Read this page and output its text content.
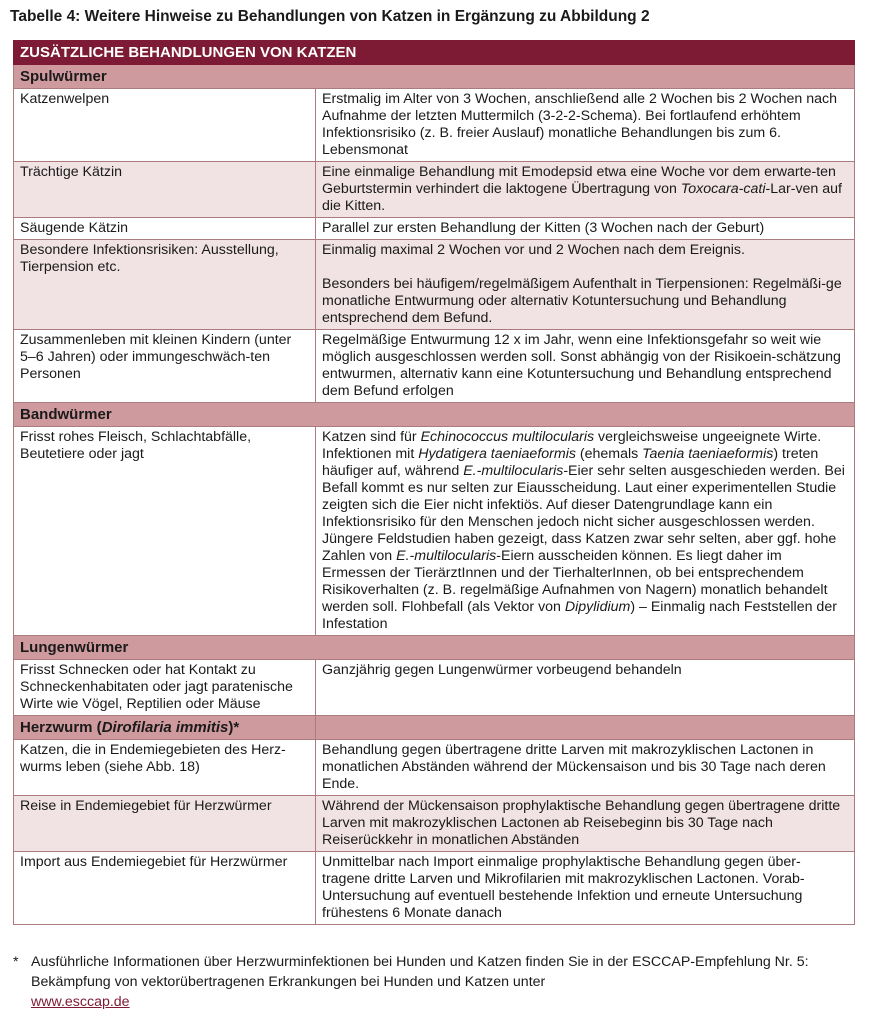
Tabelle 4: Weitere Hinweise zu Behandlungen von Katzen in Ergänzung zu Abbildung 2
ZUSÄTZLICHE BEHANDLUNGEN VON KATZEN	
Spulwürmer	
Katzenwelpen	Erstmalig im Alter von 3 Wochen, anschließend alle 2 Wochen bis 2 Wochen nach Aufnahme der letzten Muttermilch (3-2-2-Schema). Bei fortlaufend erhöhtem Infektionsrisiko (z. B. freier Auslauf) monatliche Behandlungen bis zum 6. Lebensmonat
Trächtige Kätzin	Eine einmalige Behandlung mit Emodepsid etwa eine Woche vor dem erwarte-ten Geburtstermin verhindert die laktogene Übertragung von Toxocara-cati-Lar-ven auf die Kitten.
Säugende Kätzin	Parallel zur ersten Behandlung der Kitten (3 Wochen nach der Geburt)
Besondere Infektionsrisiken: Ausstellung, Tierpension etc.	Einmalig maximal 2 Wochen vor und 2 Wochen nach dem Ereignis.
Besonders bei häufigem/regelmäßigem Aufenthalt in Tierpensionen: Regelmäßi-ge monatliche Entwurmung oder alternativ Kotuntersuchung und Behandlung entsprechend dem Befund.

Zusammenleben mit kleinen Kindern (unter 5–6 Jahren) oder immungeschwäch-ten Personen	Regelmäßige Entwurmung 12 x im Jahr, wenn eine Infektionsgefahr so weit wie möglich ausgeschlossen werden soll. Sonst abhängig von der Risikoein-schätzung entwurmen, alternativ kann eine Kotuntersuchung und Behandlung entsprechend dem Befund erfolgen
Bandwürmer	
Frisst rohes Fleisch, Schlachtabfälle, Beutetiere oder jagt	Katzen sind für Echinococcus multilocularis vergleichsweise ungeeignete Wirte. Infektionen mit Hydatigera taeniaeformis (ehemals Taenia taeniaeformis) treten häufiger auf, während E.-multilocularis-Eier sehr selten ausgeschieden werden. Bei Befall kommt es nur selten zur Eiausscheidung. Laut einer experimentellen Studie zeigten sich die Eier nicht infektiös. Auf dieser Datengrundlage kann ein Infektionsrisiko für den Menschen jedoch nicht sicher ausgeschlossen werden. Jüngere Feldstudien haben gezeigt, dass Katzen zwar sehr selten, aber ggf. hohe Zahlen von E.-multilocularis-Eiern ausscheiden können. Es liegt daher im Ermessen der TierärztInnen und der TierhalterInnen, ob bei entsprechendem Risikoverhalten (z. B. regelmäßige Aufnahmen von Nagern) monatlich behandelt werden soll. Flohbefall (als Vektor von Dipylidium) – Einmalig nach Feststellen der Infestation
Lungenwürmer	
Frisst Schnecken oder hat Kontakt zu Schneckenhabitaten oder jagt paratenische Wirte wie Vögel, Reptilien oder Mäuse	Ganzjährig gegen Lungenwürmer vorbeugend behandeln
Herzwurm (Dirofilaria immitis)*	
Katzen, die in Endemiegebieten des Herz-wurms leben (siehe Abb. 18)	Behandlung gegen übertragene dritte Larven mit makrozyklischen Lactonen in monatlichen Abständen während der Mückensaison und bis 30 Tage nach deren Ende.
Reise in Endemiegebiet für Herzwürmer	Während der Mückensaison prophylaktische Behandlung gegen übertragene dritte Larven mit makrozyklischen Lactonen ab Reisebeginn bis 30 Tage nach Reiserückkehr in monatlichen Abständen
Import aus Endemiegebiet für Herzwürmer	Unmittelbar nach Import einmalige prophylaktische Behandlung gegen über-tragene dritte Larven und Mikrofilarien mit makrozyklischen Lactonen. Vorab-Untersuchung auf eventuell bestehende Infektion und erneute Untersuchung frühestens 6 Monate danach
* Ausführliche Informationen über Herzwurminfektionen bei Hunden und Katzen finden Sie in der ESCCAP-Empfehlung Nr. 5: Bekämpfung von vektorübertragenen Erkrankungen bei Hunden und Katzen unter
www.esccap.de
